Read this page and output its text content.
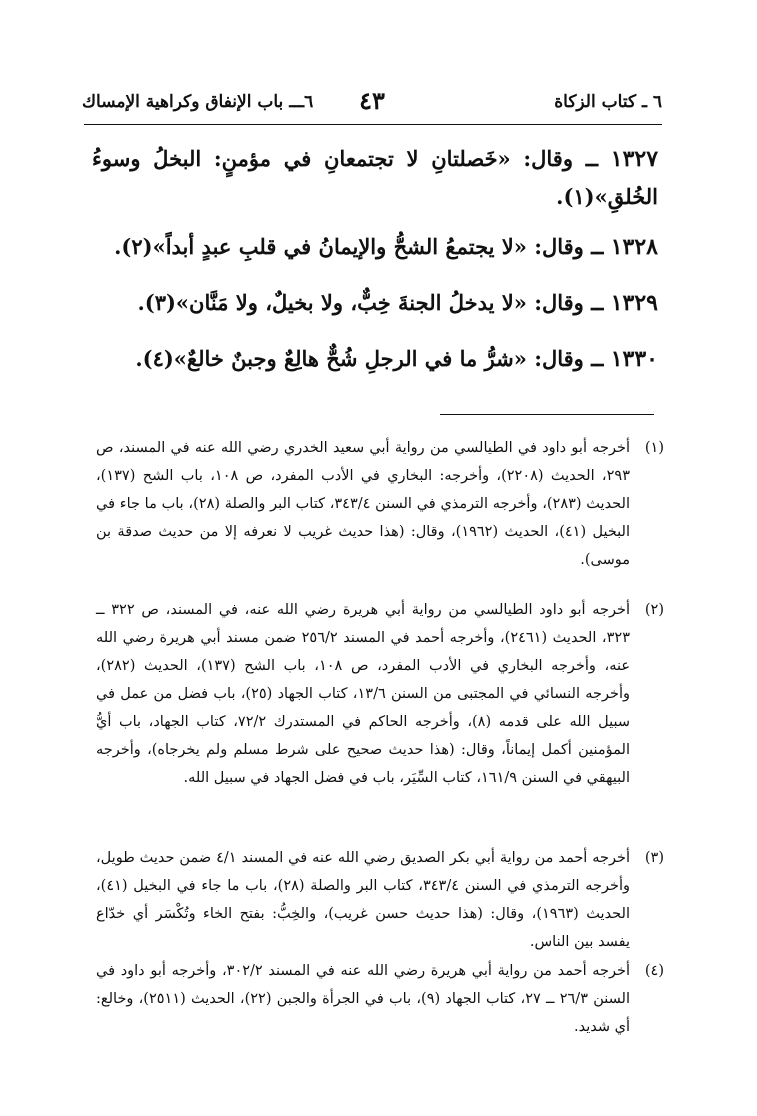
٦ ـ كتاب الزكاة
٤٣
٦ـــ باب الإنفاق وكراهية الإمساك
١٣٢٧ ــ وقال: «خَصلتانِ لا تجتمعانِ في مؤمنٍ: البخلُ وسوءُ الخُلقِ»(١).
١٣٢٨ ــ وقال: «لا يجتمعُ الشحُّ والإيمانُ في قلبِ عبدٍ أبداً»(٢).
١٣٢٩ ــ وقال: «لا يدخلُ الجنةَ خِبٌّ، ولا بخيلٌ، ولا مَنَّان»(٣).
١٣٣٠ ــ وقال: «شرُّ ما في الرجلِ شُحٌّ هالِعٌ وجبنٌ خالعٌ»(٤).
(١)
أخرجه أبو داود في الطيالسي من رواية أبي سعيد الخدري رضي الله عنه في المسند، ص ٢٩٣، الحديث (٢٢٠٨)، وأخرجه: البخاري في الأدب المفرد، ص ١٠٨، باب الشح (١٣٧)، الحديث (٢٨٣)، وأخرجه الترمذي في السنن ٣٤٣/٤، كتاب البر والصلة (٢٨)، باب ما جاء في البخيل (٤١)، الحديث (١٩٦٢)، وقال: (هذا حديث غريب لا نعرفه إلا من حديث صدقة بن موسى).
(٢)
أخرجه أبو داود الطيالسي من رواية أبي هريرة رضي الله عنه، في المسند، ص ٣٢٢ ــ ٣٢٣، الحديث (٢٤٦١)، وأخرجه أحمد في المسند ٢٥٦/٢ ضمن مسند أبي هريرة رضي الله عنه، وأخرجه البخاري في الأدب المفرد، ص ١٠٨، باب الشح (١٣٧)، الحديث (٢٨٢)، وأخرجه النسائي في المجتبى من السنن ١٣/٦، كتاب الجهاد (٢٥)، باب فضل من عمل في سبيل الله على قدمه (٨)، وأخرجه الحاكم في المستدرك ٧٢/٢، كتاب الجهاد، باب أيُّ المؤمنين أكمل إيماناً، وقال: (هذا حديث صحيح على شرط مسلم ولم يخرجاه)، وأخرجه البيهقي في السنن ١٦١/٩، كتاب السِّيَر، باب في فضل الجهاد في سبيل الله.
(٣)
أخرجه أحمد من رواية أبي بكر الصديق رضي الله عنه في المسند ٤/١ ضمن حديث طويل، وأخرجه الترمذي في السنن ٣٤٣/٤، كتاب البر والصلة (٢٨)، باب ما جاء في البخيل (٤١)، الحديث (١٩٦٣)، وقال: (هذا حديث حسن غريب)، والخِبُّ: بفتح الخاء وتُكْسَر أي خدّاع يفسد بين الناس.
(٤)
أخرجه أحمد من رواية أبي هريرة رضي الله عنه في المسند ٣٠٢/٢، وأخرجه أبو داود في السنن ٢٦/٣ ــ ٢٧، كتاب الجهاد (٩)، باب في الجرأة والجبن (٢٢)، الحديث (٢٥١١)، وخالع: أي شديد.
